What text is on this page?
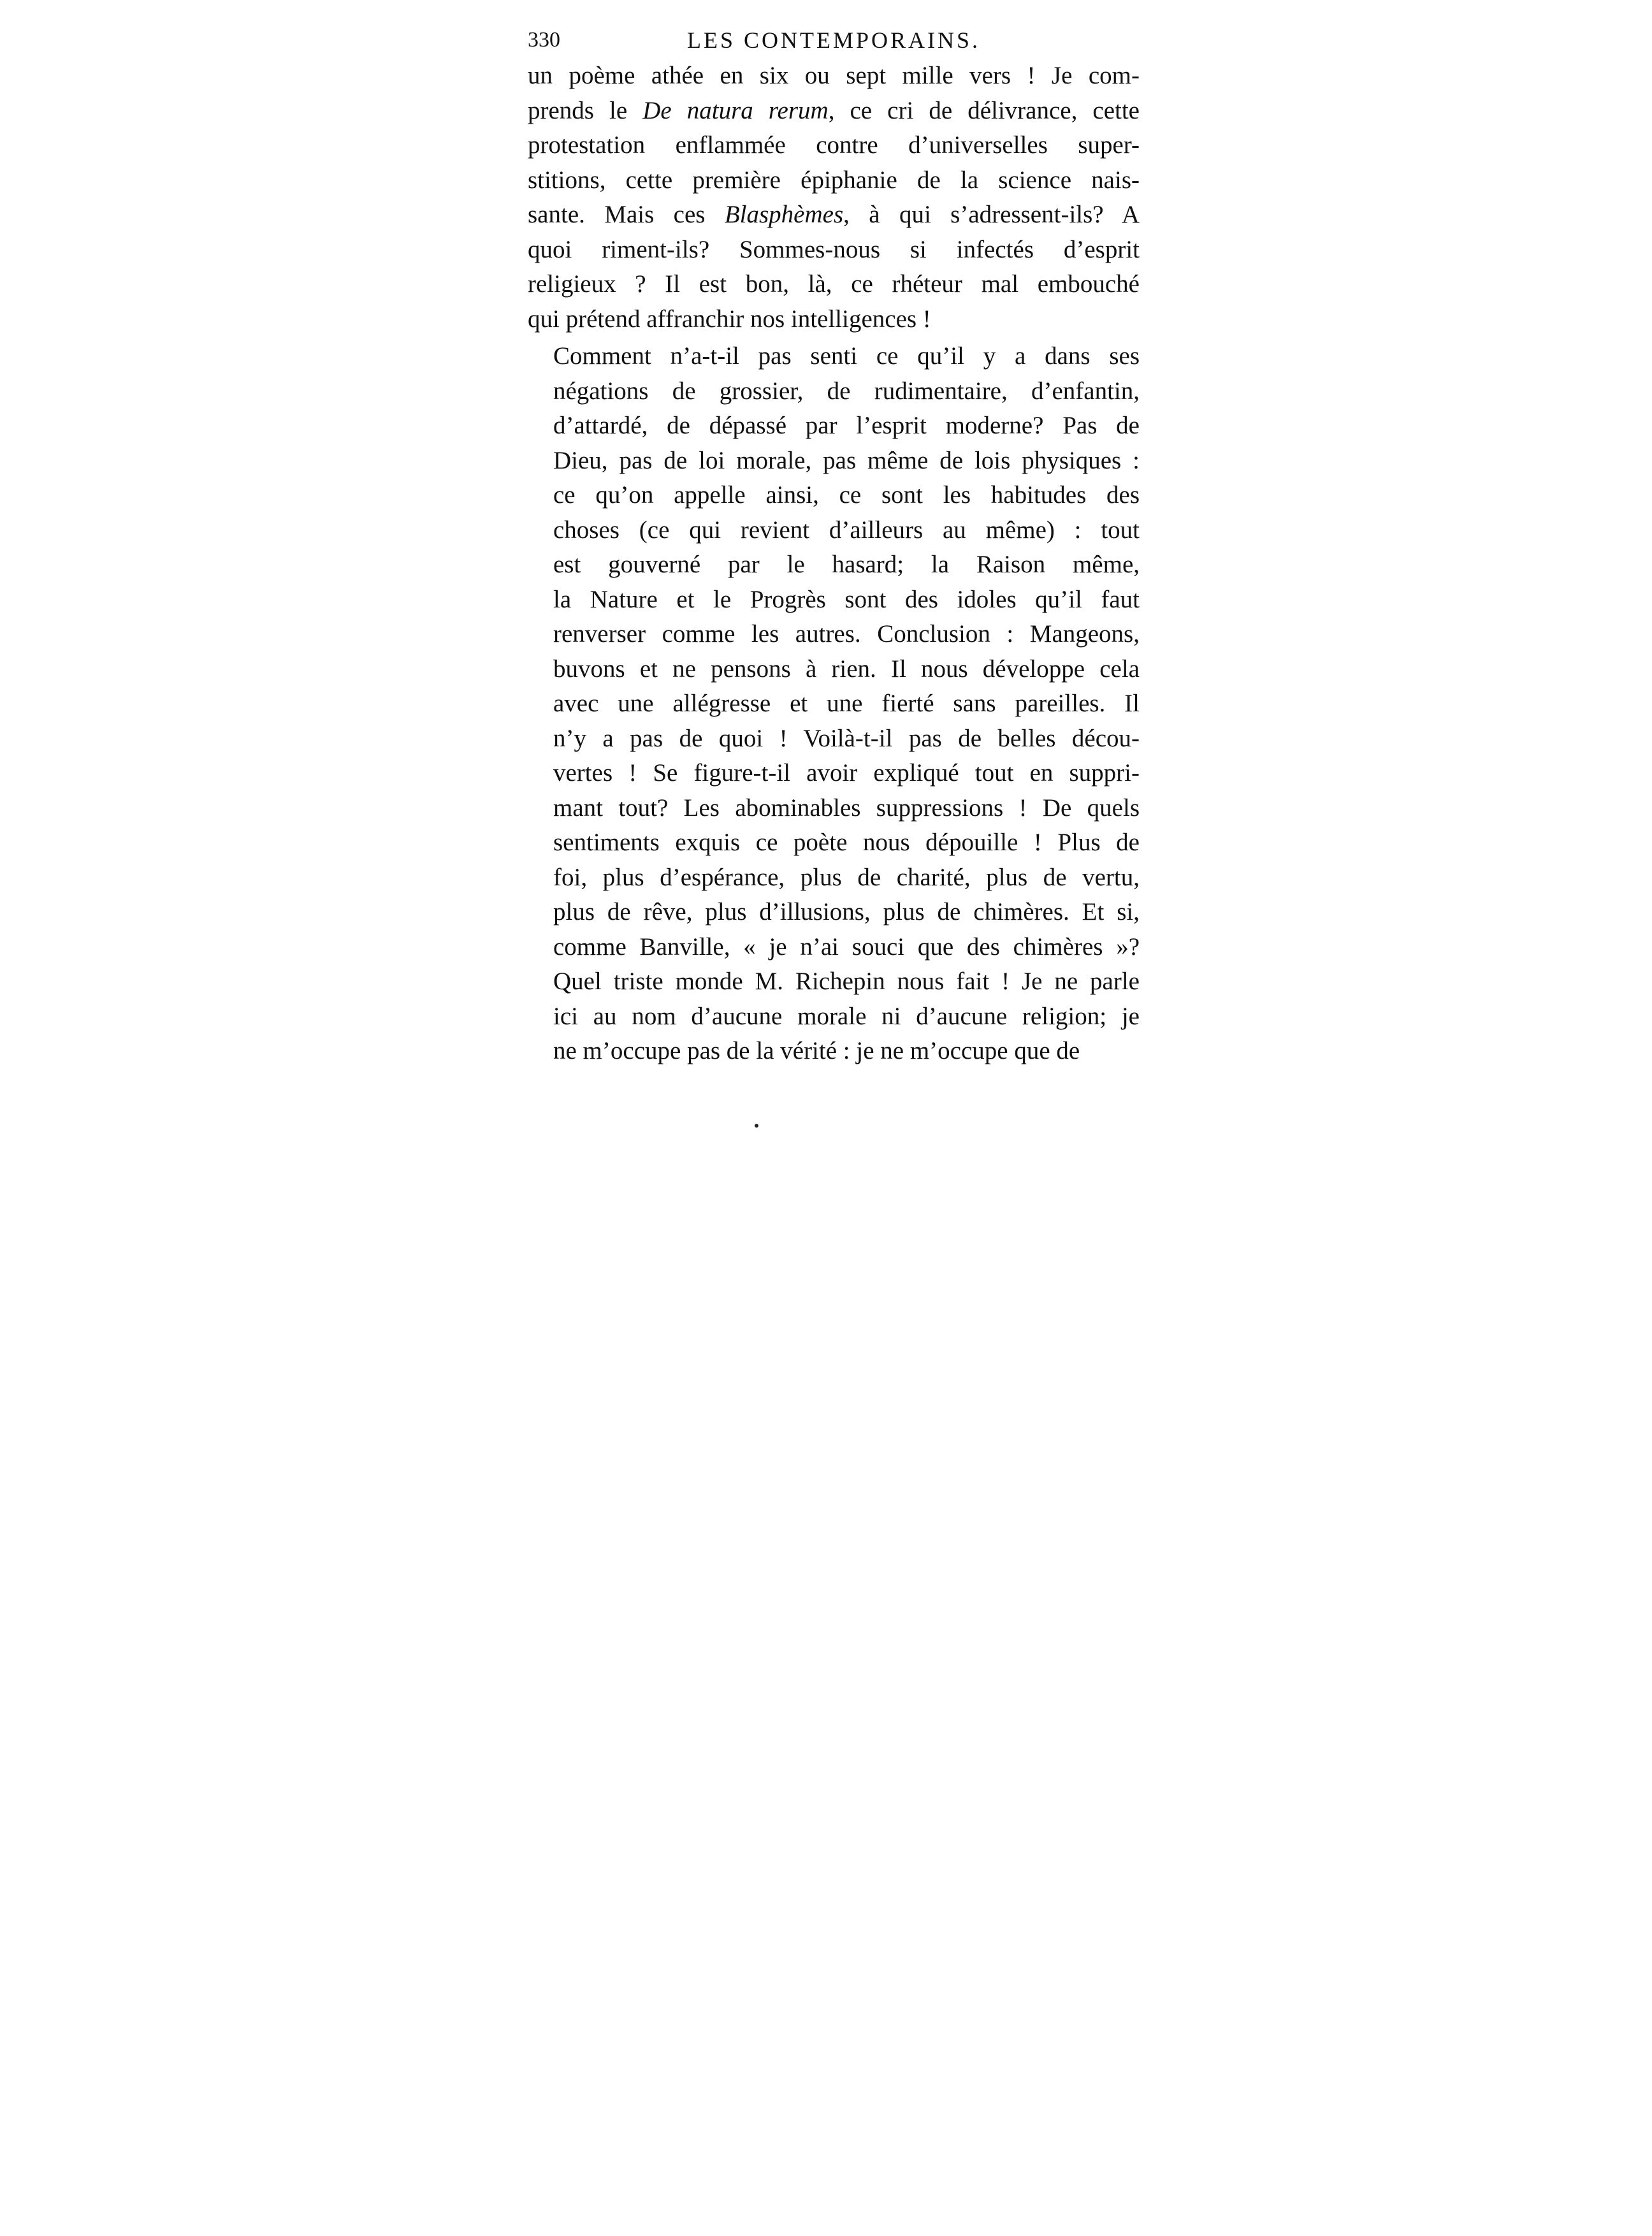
330	LES CONTEMPORAINS.
un poème athée en six ou sept mille vers ! Je com-
prends le De natura rerum, ce cri de délivrance, cette
protestation enflammée contre d’universelles super-
stitions, cette première épiphanie de la science nais-
sante. Mais ces Blasphèmes, à qui s’adressent-ils? A
quoi riment-ils? Sommes-nous si infectés d’esprit
religieux ? Il est bon, là, ce rhéteur mal embouché
qui prétend affranchir nos intelligences !
Comment n’a-t-il pas senti ce qu’il y a dans ses
négations de grossier, de rudimentaire, d’enfantin,
d’attardé, de dépassé par l’esprit moderne? Pas de
Dieu, pas de loi morale, pas même de lois physiques :
ce qu’on appelle ainsi, ce sont les habitudes des
choses (ce qui revient d’ailleurs au même) : tout
est gouverné par le hasard; la Raison même,
la Nature et le Progrès sont des idoles qu’il faut
renverser comme les autres. Conclusion : Mangeons,
buvons et ne pensons à rien. Il nous développe cela
avec une allégresse et une fierté sans pareilles. Il
n’y a pas de quoi ! Voilà-t-il pas de belles décou-
vertes ! Se figure-t-il avoir expliqué tout en suppri-
mant tout? Les abominables suppressions ! De quels
sentiments exquis ce poète nous dépouille ! Plus de
foi, plus d’espérance, plus de charité, plus de vertu,
plus de rêve, plus d’illusions, plus de chimères. Et si,
comme Banville, « je n’ai souci que des chimères »?
Quel triste monde M. Richepin nous fait ! Je ne parle
ici au nom d’aucune morale ni d’aucune religion; je
ne m’occupe pas de la vérité : je ne m’occupe que de
